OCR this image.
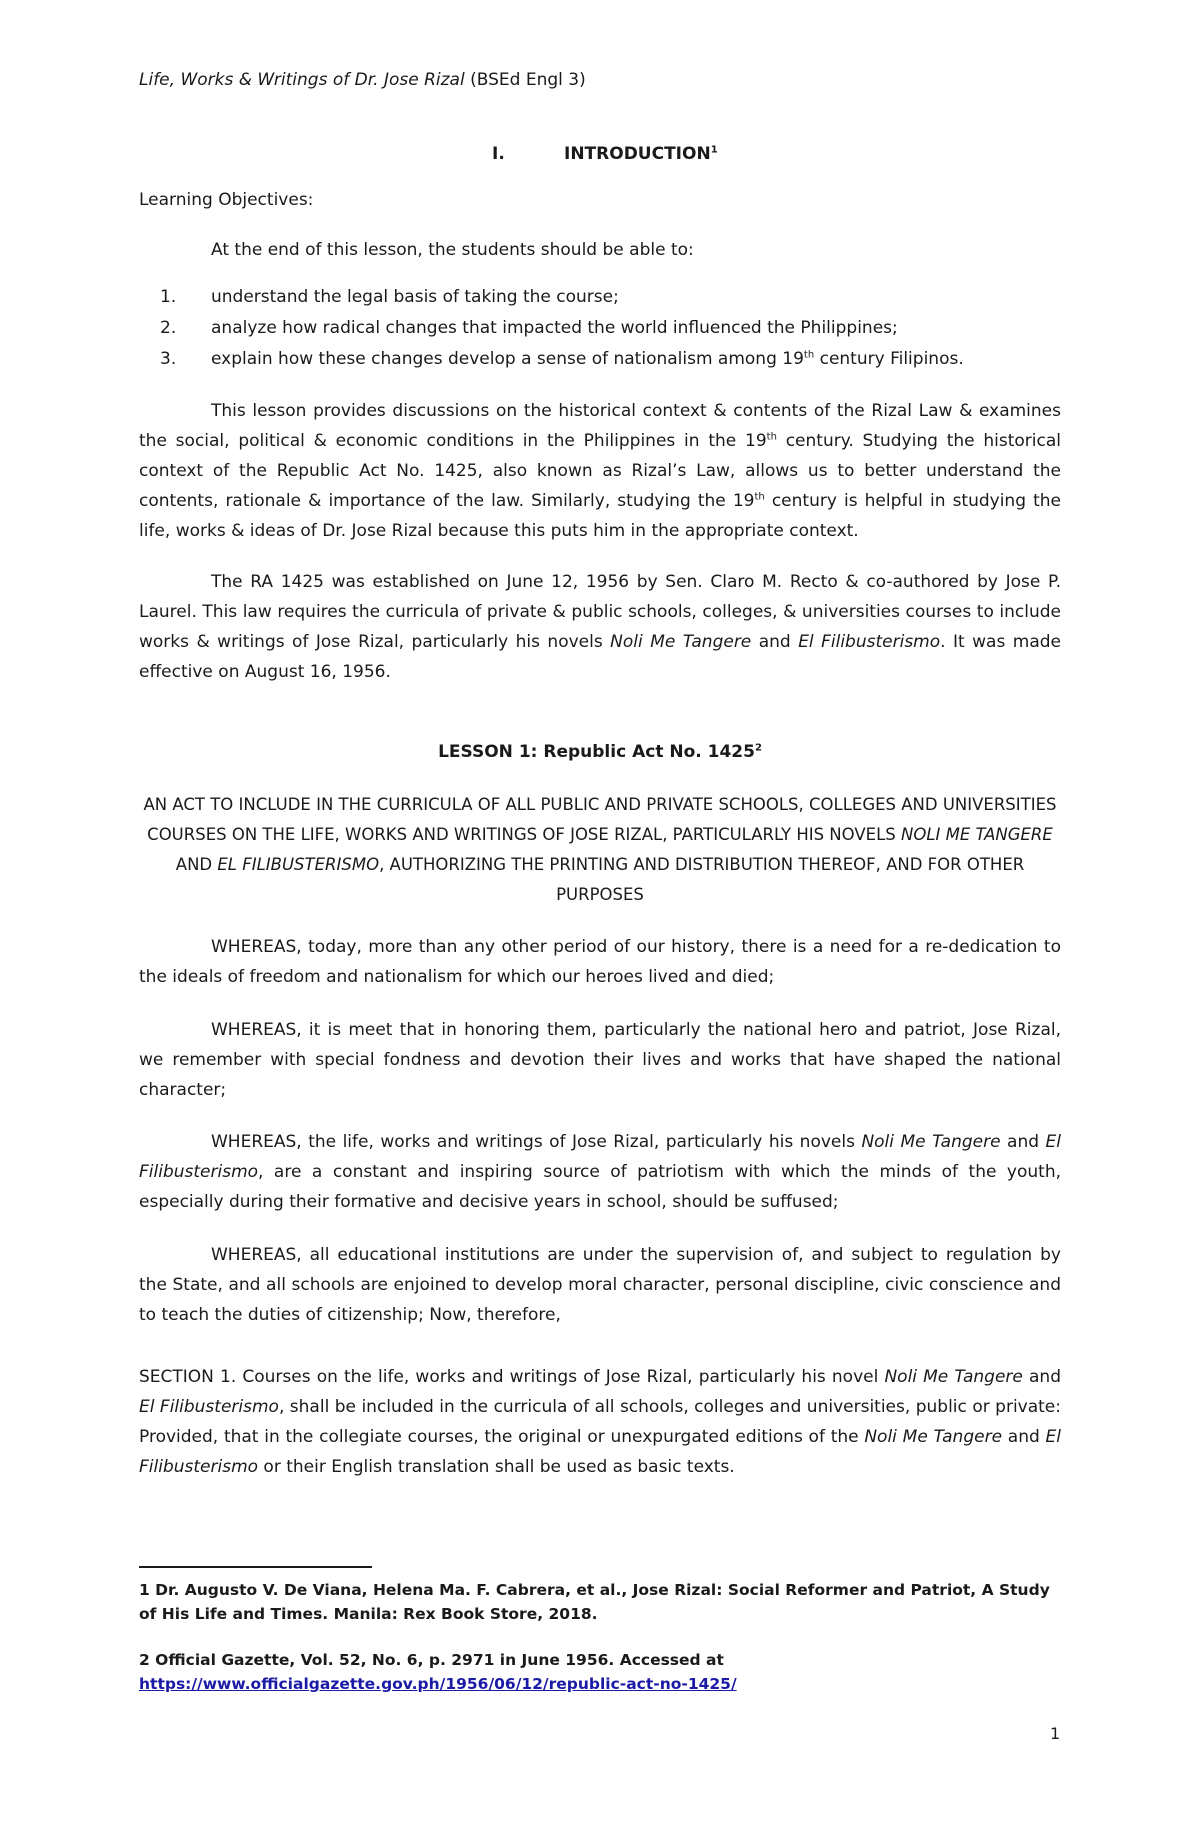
Life, Works & Writings of Dr. Jose Rizal (BSEd Engl 3)
I.	INTRODUCTION$^1$
Learning Objectives:
At the end of this lesson, the students should be able to:
1. understand the legal basis of taking the course;
2. analyze how radical changes that impacted the world influenced the Philippines;
3. explain how these changes develop a sense of nationalism among 19th century Filipinos.
This lesson provides discussions on the historical context & contents of the Rizal Law & examines the social, political & economic conditions in the Philippines in the 19th century. Studying the historical context of the Republic Act No. 1425, also known as Rizal’s Law, allows us to better understand the contents, rationale & importance of the law. Similarly, studying the 19th century is helpful in studying the life, works & ideas of Dr. Jose Rizal because this puts him in the appropriate context.
The RA 1425 was established on June 12, 1956 by Sen. Claro M. Recto & co-authored by Jose P. Laurel. This law requires the curricula of private & public schools, colleges, & universities courses to include works & writings of Jose Rizal, particularly his novels Noli Me Tangere and El Filibusterismo. It was made effective on August 16, 1956.
LESSON 1: Republic Act No. 1425$^2$
AN ACT TO INCLUDE IN THE CURRICULA OF ALL PUBLIC AND PRIVATE SCHOOLS, COLLEGES AND UNIVERSITIES COURSES ON THE LIFE, WORKS AND WRITINGS OF JOSE RIZAL, PARTICULARLY HIS NOVELS NOLI ME TANGERE AND EL FILIBUSTERISMO, AUTHORIZING THE PRINTING AND DISTRIBUTION THEREOF, AND FOR OTHER PURPOSES
WHEREAS, today, more than any other period of our history, there is a need for a re-dedication to the ideals of freedom and nationalism for which our heroes lived and died;
WHEREAS, it is meet that in honoring them, particularly the national hero and patriot, Jose Rizal, we remember with special fondness and devotion their lives and works that have shaped the national character;
WHEREAS, the life, works and writings of Jose Rizal, particularly his novels Noli Me Tangere and El Filibusterismo, are a constant and inspiring source of patriotism with which the minds of the youth, especially during their formative and decisive years in school, should be suffused;
WHEREAS, all educational institutions are under the supervision of, and subject to regulation by the State, and all schools are enjoined to develop moral character, personal discipline, civic conscience and to teach the duties of citizenship; Now, therefore,
SECTION 1. Courses on the life, works and writings of Jose Rizal, particularly his novel Noli Me Tangere and El Filibusterismo, shall be included in the curricula of all schools, colleges and universities, public or private: Provided, that in the collegiate courses, the original or unexpurgated editions of the Noli Me Tangere and El Filibusterismo or their English translation shall be used as basic texts.
1 Dr. Augusto V. De Viana, Helena Ma. F. Cabrera, et al., Jose Rizal: Social Reformer and Patriot, A Study of His Life and Times. Manila: Rex Book Store, 2018.
2 Official Gazette, Vol. 52, No. 6, p. 2971 in June 1956. Accessed at
https://www.officialgazette.gov.ph/1956/06/12/republic-act-no-1425/
1
